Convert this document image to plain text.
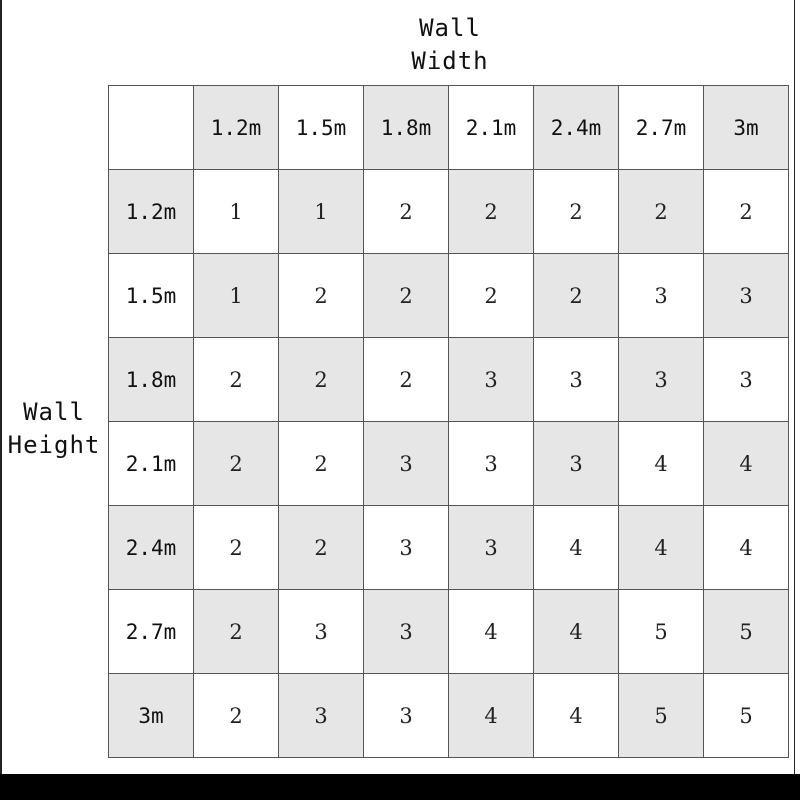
Wall
Width
Wall
Height
	1.2m	1.5m	1.8m	2.1m	2.4m	2.7m	3m
1.2m	1	1	2	2	2	2	2
1.5m	1	2	2	2	2	3	3
1.8m	2	2	2	3	3	3	3
2.1m	2	2	3	3	3	4	4
2.4m	2	2	3	3	4	4	4
2.7m	2	3	3	4	4	5	5
3m	2	3	3	4	4	5	5
